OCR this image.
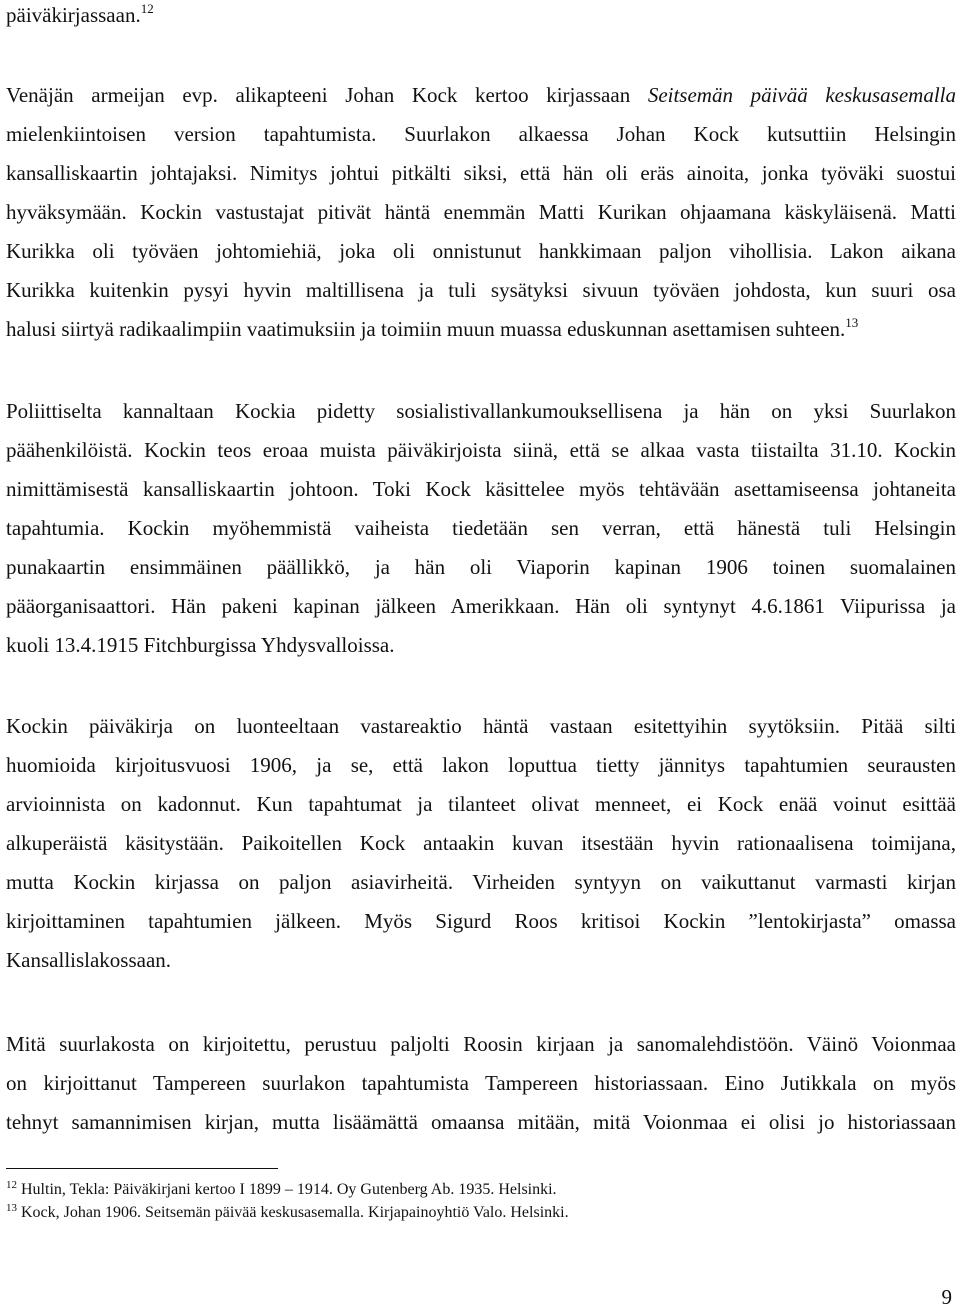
päiväkirjassaan.$^{12}$
Venäjän armeijan evp. alikapteeni Johan Kock kertoo kirjassaan Seitsemän päivää keskusasemalla
mielenkiintoisen version tapahtumista. Suurlakon alkaessa Johan Kock kutsuttiin Helsingin
kansalliskaartin johtajaksi. Nimitys johtui pitkälti siksi, että hän oli eräs ainoita, jonka työväki suostui
hyväksymään. Kockin vastustajat pitivät häntä enemmän Matti Kurikan ohjaamana käskyläisenä. Matti
Kurikka oli työväen johtomiehiä, joka oli onnistunut hankkimaan paljon vihollisia. Lakon aikana
Kurikka kuitenkin pysyi hyvin maltillisena ja tuli sysätyksi sivuun työväen johdosta, kun suuri osa
halusi siirtyä radikaalimpiin vaatimuksiin ja toimiin muun muassa eduskunnan asettamisen suhteen.$^{13}$
Poliittiselta kannaltaan Kockia pidetty sosialistivallankumouksellisena ja hän on yksi Suurlakon
päähenkilöistä. Kockin teos eroaa muista päiväkirjoista siinä, että se alkaa vasta tiistailta 31.10. Kockin
nimittämisestä kansalliskaartin johtoon. Toki Kock käsittelee myös tehtävään asettamiseensa johtaneita
tapahtumia. Kockin myöhemmistä vaiheista tiedetään sen verran, että hänestä tuli Helsingin
punakaartin ensimmäinen päällikkö, ja hän oli Viaporin kapinan 1906 toinen suomalainen
pääorganisaattori. Hän pakeni kapinan jälkeen Amerikkaan. Hän oli syntynyt 4.6.1861 Viipurissa ja
kuoli 13.4.1915 Fitchburgissa Yhdysvalloissa.
Kockin päiväkirja on luonteeltaan vastareaktio häntä vastaan esitettyihin syytöksiin. Pitää silti
huomioida kirjoitusvuosi 1906, ja se, että lakon loputtua tietty jännitys tapahtumien seurausten
arvioinnista on kadonnut. Kun tapahtumat ja tilanteet olivat menneet, ei Kock enää voinut esittää
alkuperäistä käsitystään. Paikoitellen Kock antaakin kuvan itsestään hyvin rationaalisena toimijana,
mutta Kockin kirjassa on paljon asiavirheitä. Virheiden syntyyn on vaikuttanut varmasti kirjan
kirjoittaminen tapahtumien jälkeen. Myös Sigurd Roos kritisoi Kockin ”lentokirjasta” omassa
Kansallislakossaan.
Mitä suurlakosta on kirjoitettu, perustuu paljolti Roosin kirjaan ja sanomalehdistöön. Väinö Voionmaa
on kirjoittanut Tampereen suurlakon tapahtumista Tampereen historiassaan. Eino Jutikkala on myös
tehnyt samannimisen kirjan, mutta lisäämättä omaansa mitään, mitä Voionmaa ei olisi jo historiassaan
$^{12}$ Hultin, Tekla: Päiväkirjani kertoo I 1899 – 1914. Oy Gutenberg Ab. 1935. Helsinki.
$^{13}$ Kock, Johan 1906. Seitsemän päivää keskusasemalla. Kirjapainoyhtiö Valo. Helsinki.
9
